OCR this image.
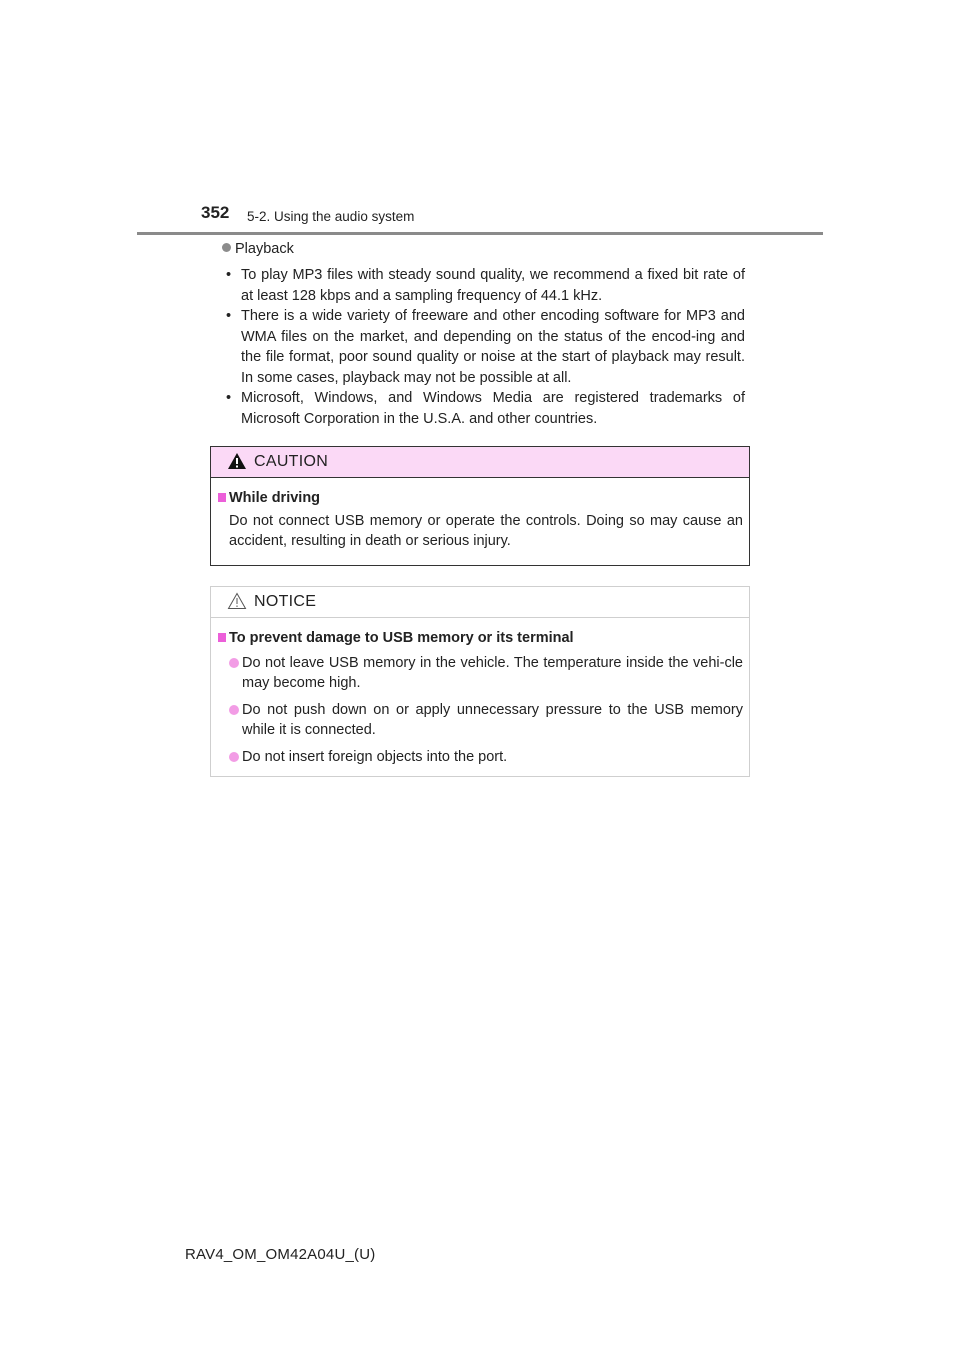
352 5-2. Using the audio system
Playback
• To play MP3 files with steady sound quality, we recommend a fixed bit rate of at least 128 kbps and a sampling frequency of 44.1 kHz.
• There is a wide variety of freeware and other encoding software for MP3 and WMA files on the market, and depending on the status of the encod-ing and the file format, poor sound quality or noise at the start of playback may result. In some cases, playback may not be possible at all.
• Microsoft, Windows, and Windows Media are registered trademarks of Microsoft Corporation in the U.S.A. and other countries.
CAUTION
While driving
Do not connect USB memory or operate the controls. Doing so may cause an accident, resulting in death or serious injury.
NOTICE
To prevent damage to USB memory or its terminal
Do not leave USB memory in the vehicle. The temperature inside the vehi-cle may become high.
Do not push down on or apply unnecessary pressure to the USB memory while it is connected.
Do not insert foreign objects into the port.
RAV4_OM_OM42A04U_(U)
